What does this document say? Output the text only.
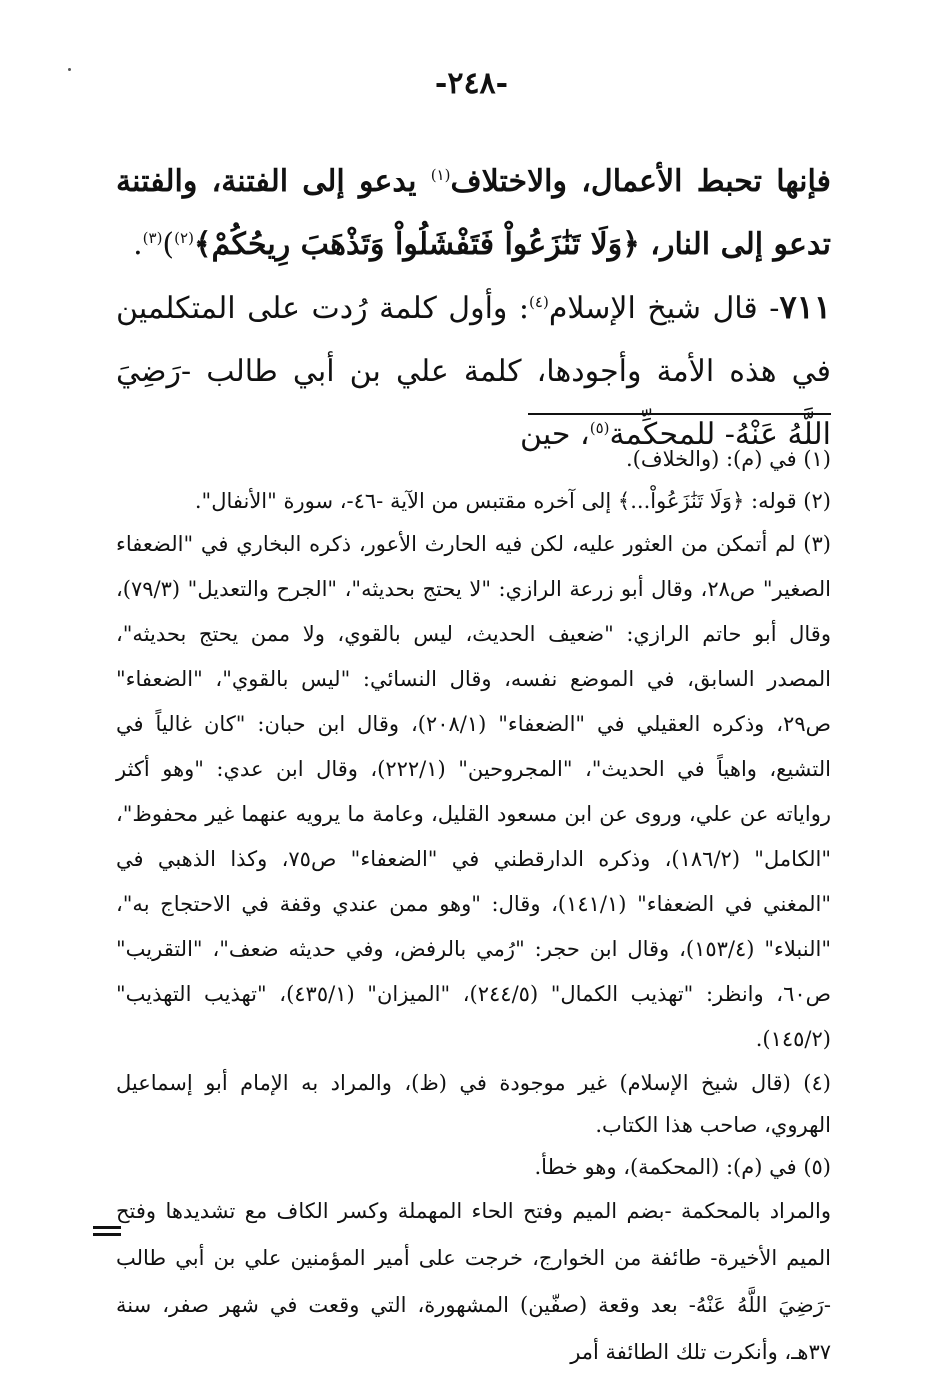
-٢٤٨-

فإنها تحبط الأعمال، والاختلاف$^{(١)}$ يدعو إلى الفتنة، والفتنة تدعو إلى النار، ﴿وَلَا تَنَٰزَعُواْ فَتَفْشَلُواْ وَتَذْهَبَ رِيحُكُمْ﴾$^{(٢)}$)$^{(٣)}$.

٧١١- قال شيخ الإسلام$^{(٤)}$: وأول كلمة رُدت على المتكلمين في هذه الأمة وأجودها، كلمة علي بن أبي طالب -رَضِيَ اللَّهُ عَنْهُ- للمحكِّمة$^{(٥)}$، حين

(١) في (م): (والخلاف).

(٢) قوله: ﴿وَلَا تَنَٰزَعُواْ...﴾ إلى آخره مقتبس من الآية -٤٦-، سورة "الأنفال".

(٣) لم أتمكن من العثور عليه، لكن فيه الحارث الأعور، ذكره البخاري في "الضعفاء الصغير" ص٢٨، وقال أبو زرعة الرازي: "لا يحتج بحديثه"، "الجرح والتعديل" (٧٩/٣)، وقال أبو حاتم الرازي: "ضعيف الحديث، ليس بالقوي، ولا ممن يحتج بحديثه"، المصدر السابق، في الموضع نفسه، وقال النسائي: "ليس بالقوي"، "الضعفاء" ص٢٩، وذكره العقيلي في "الضعفاء" (٢٠٨/١)، وقال ابن حبان: "كان غالياً في التشيع، واهياً في الحديث"، "المجروحين" (٢٢٢/١)، وقال ابن عدي: "وهو أكثر رواياته عن علي، وروى عن ابن مسعود القليل، وعامة ما يرويه عنهما غير محفوظ"، "الكامل" (١٨٦/٢)، وذكره الدارقطني في "الضعفاء" ص٧٥، وكذا الذهبي في "المغني في الضعفاء" (١٤١/١)، وقال: "وهو ممن عندي وقفة في الاحتجاج به"، "النبلاء" (١٥٣/٤)، وقال ابن حجر: "رُمي بالرفض، وفي حديثه ضعف"، "التقريب" ص٦٠، وانظر: "تهذيب الكمال" (٢٤٤/٥)، "الميزان" (٤٣٥/١)، "تهذيب التهذيب" (١٤٥/٢).

(٤) (قال شيخ الإسلام) غير موجودة في (ظ)، والمراد به الإمام أبو إسماعيل الهروي، صاحب هذا الكتاب.

(٥) في (م): (المحكمة)، وهو خطأ.

والمراد بالمحكمة -بضم الميم وفتح الحاء المهملة وكسر الكاف مع تشديدها وفتح الميم الأخيرة- طائفة من الخوارج، خرجت على أمير المؤمنين علي بن أبي طالب -رَضِيَ اللَّهُ عَنْهُ- بعد وقعة (صفّين) المشهورة، التي وقعت في شهر صفر، سنة ٣٧هـ، وأنكرت تلك الطائفة أمر
